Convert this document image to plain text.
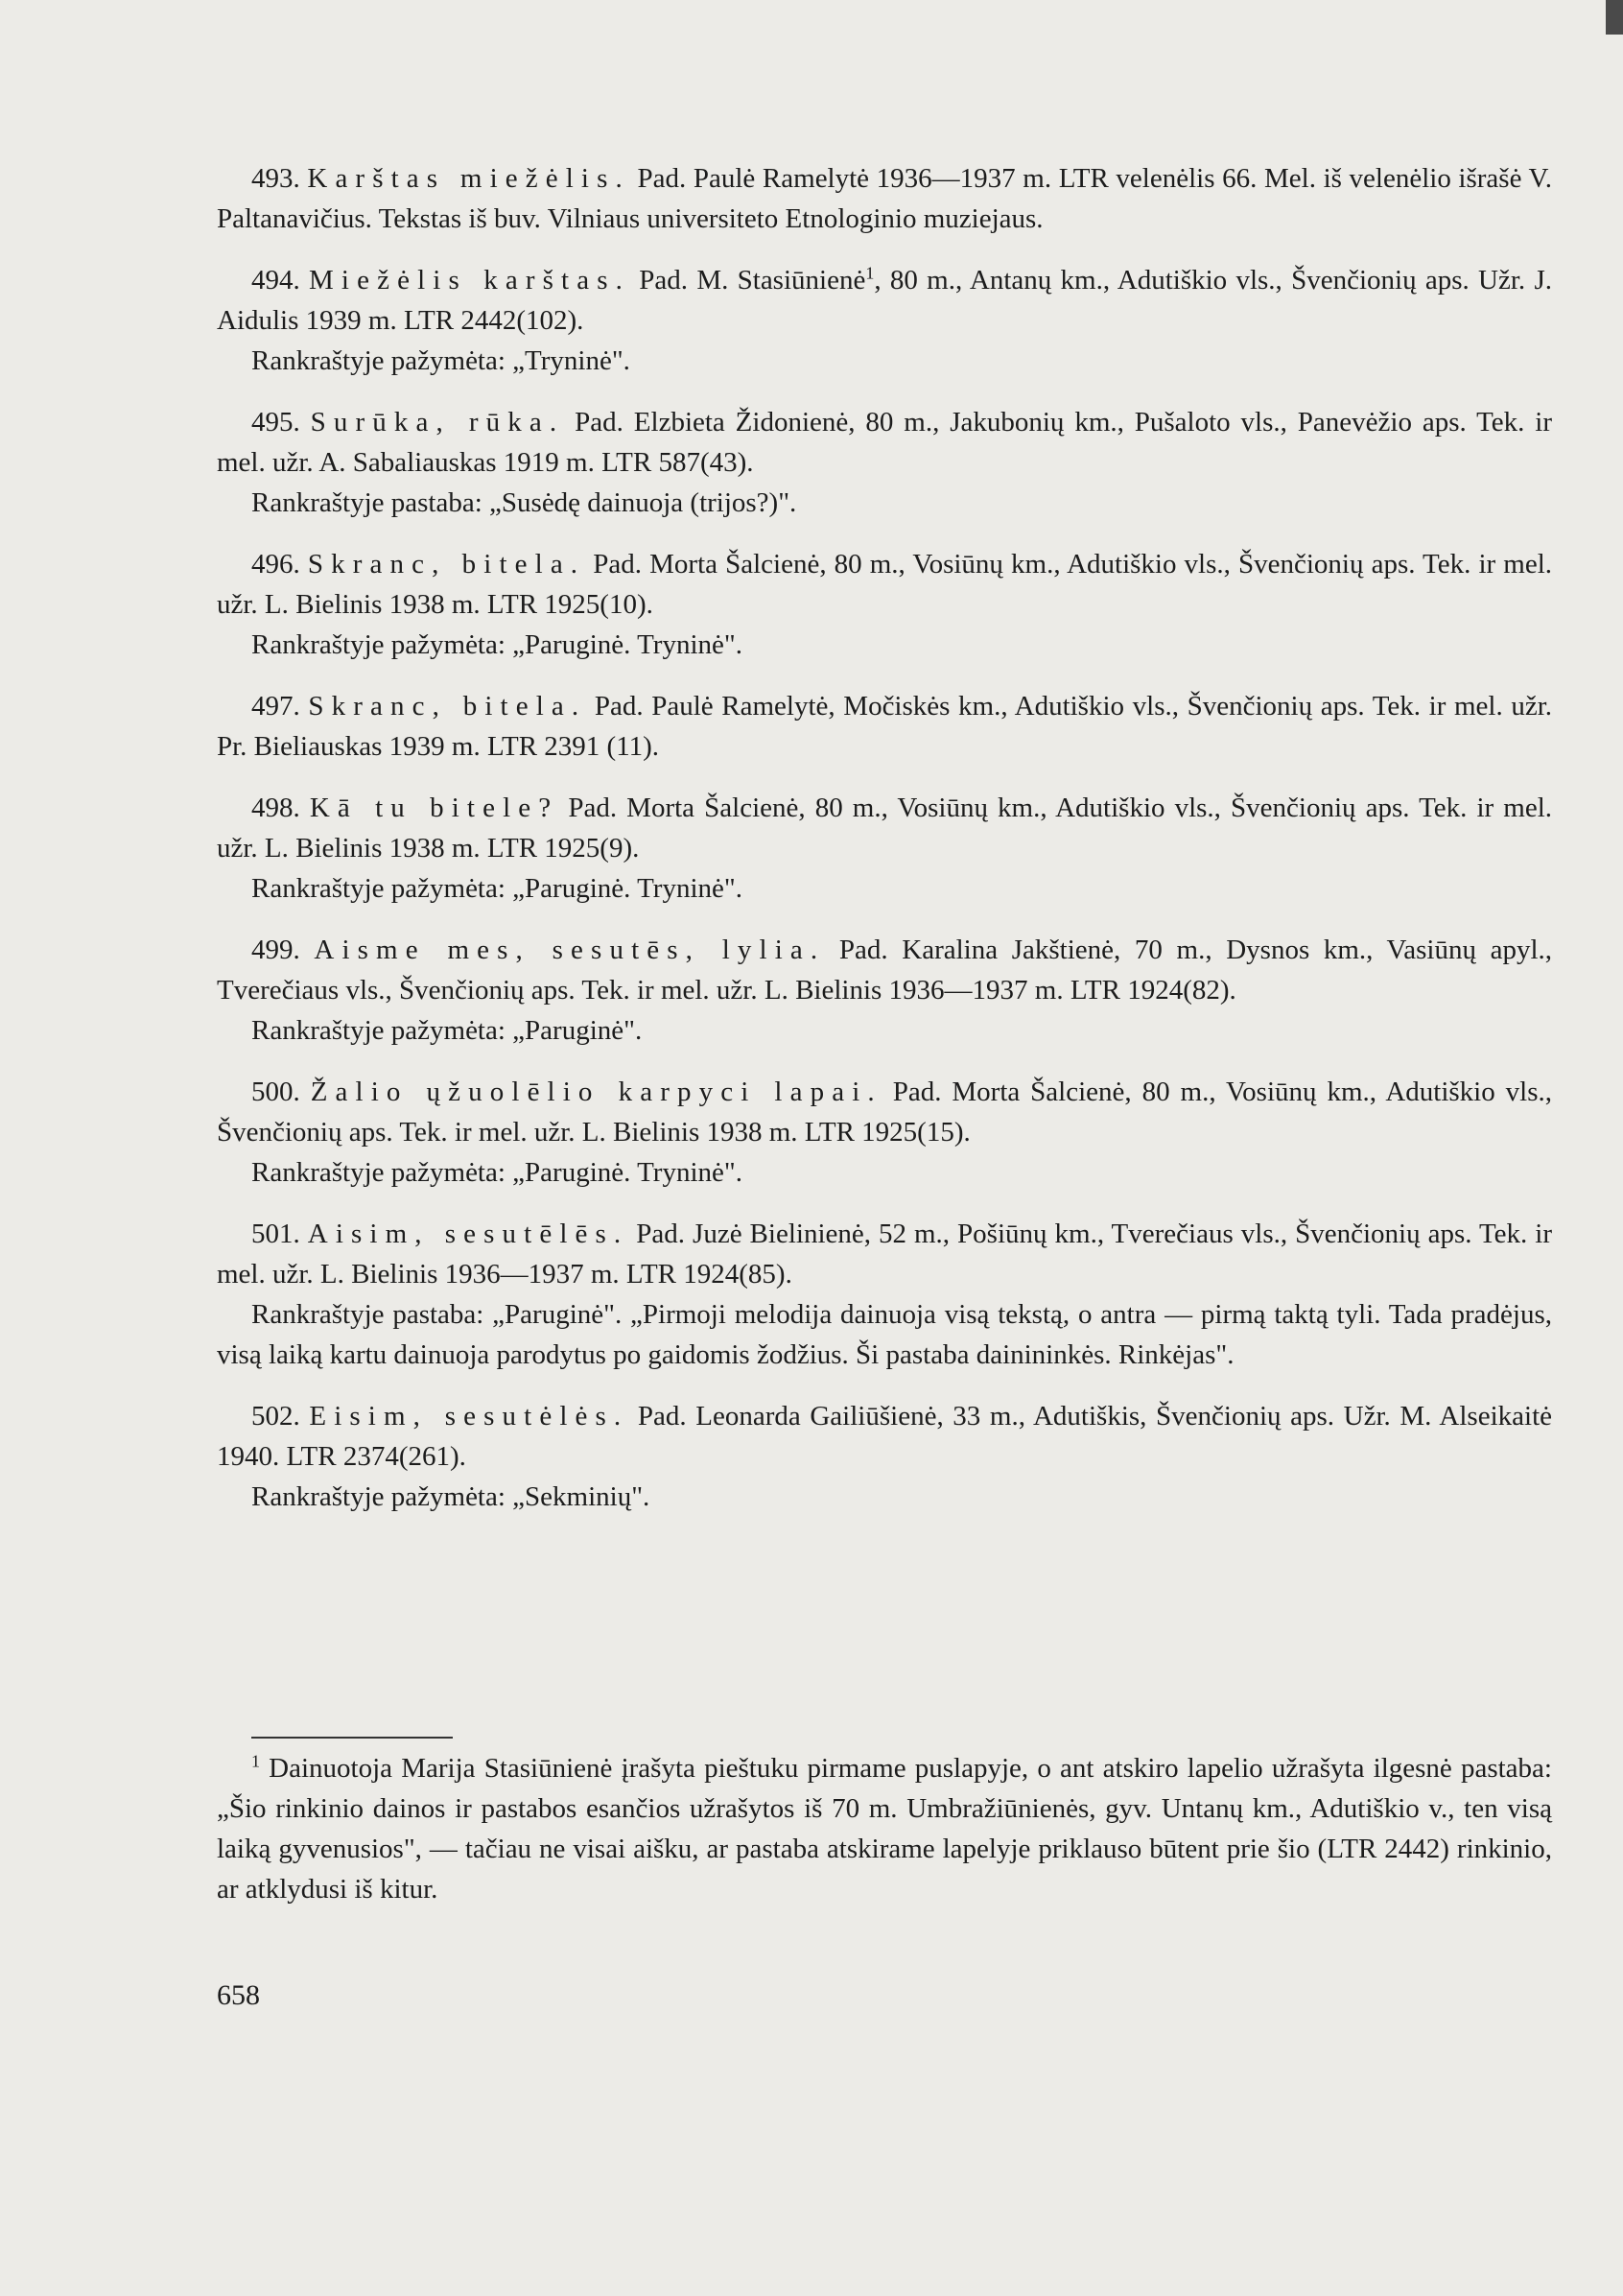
493. Karštas miežėlis. Pad. Paulė Ramelytė 1936—1937 m. LTR velenėlis 66. Mel. iš velenėlio išrašė V. Paltanavičius. Tekstas iš buv. Vilniaus universiteto Etnologinio muziejaus.

494. Miežėlis karštas. Pad. M. Stasiūnienė$^1$, 80 m., Antanų km., Adutiškio vls., Švenčionių aps. Užr. J. Aidulis 1939 m. LTR 2442(102).

Rankraštyje pažymėta: „Tryninė".

495. Surūka, rūka. Pad. Elzbieta Židonienė, 80 m., Jakubonių km., Pušaloto vls., Panevėžio aps. Tek. ir mel. užr. A. Sabaliauskas 1919 m. LTR 587(43).

Rankraštyje pastaba: „Susėdę dainuoja (trijos?)".

496. Skranc, bitela. Pad. Morta Šalcienė, 80 m., Vosiūnų km., Adutiškio vls., Švenčionių aps. Tek. ir mel. užr. L. Bielinis 1938 m. LTR 1925(10).

Rankraštyje pažymėta: „Paruginė. Tryninė".

497. Skranc, bitela. Pad. Paulė Ramelytė, Močiskės km., Adutiškio vls., Švenčionių aps. Tek. ir mel. užr. Pr. Bieliauskas 1939 m. LTR 2391 (11).

498. Kā tu bitele? Pad. Morta Šalcienė, 80 m., Vosiūnų km., Adutiškio vls., Švenčionių aps. Tek. ir mel. užr. L. Bielinis 1938 m. LTR 1925(9).

Rankraštyje pažymėta: „Paruginė. Tryninė".

499. Aisme mes, sesutēs, lylia. Pad. Karalina Jakštienė, 70 m., Dysnos km., Vasiūnų apyl., Tverečiaus vls., Švenčionių aps. Tek. ir mel. užr. L. Bielinis 1936—1937 m. LTR 1924(82).

Rankraštyje pažymėta: „Paruginė".

500. Žalio ųžuolēlio karpyci lapai. Pad. Morta Šalcienė, 80 m., Vosiūnų km., Adutiškio vls., Švenčionių aps. Tek. ir mel. užr. L. Bielinis 1938 m. LTR 1925(15).

Rankraštyje pažymėta: „Paruginė. Tryninė".

501. Aisim, sesutēlēs. Pad. Juzė Bielinienė, 52 m., Pošiūnų km., Tverečiaus vls., Švenčionių aps. Tek. ir mel. užr. L. Bielinis 1936—1937 m. LTR 1924(85).

Rankraštyje pastaba: „Paruginė". „Pirmoji melodija dainuoja visą tekstą, o antra — pirmą taktą tyli. Tada pradėjus, visą laiką kartu dainuoja parodytus po gaidomis žodžius. Ši pastaba dainininkės. Rinkėjas".

502. Eisim, sesutėlės. Pad. Leonarda Gailiūšienė, 33 m., Adutiškis, Švenčionių aps. Užr. M. Alseikaitė 1940. LTR 2374(261).

Rankraštyje pažymėta: „Sekminių".

$^1$ Dainuotoja Marija Stasiūnienė įrašyta pieštuku pirmame puslapyje, o ant atskiro lapelio užrašyta ilgesnė pastaba: „Šio rinkinio dainos ir pastabos esančios užrašytos iš 70 m. Umbražiūnienės, gyv. Untanų km., Adutiškio v., ten visą laiką gyvenusios", — tačiau ne visai aišku, ar pastaba atskirame lapelyje priklauso būtent prie šio (LTR 2442) rinkinio, ar atklydusi iš kitur.

658
